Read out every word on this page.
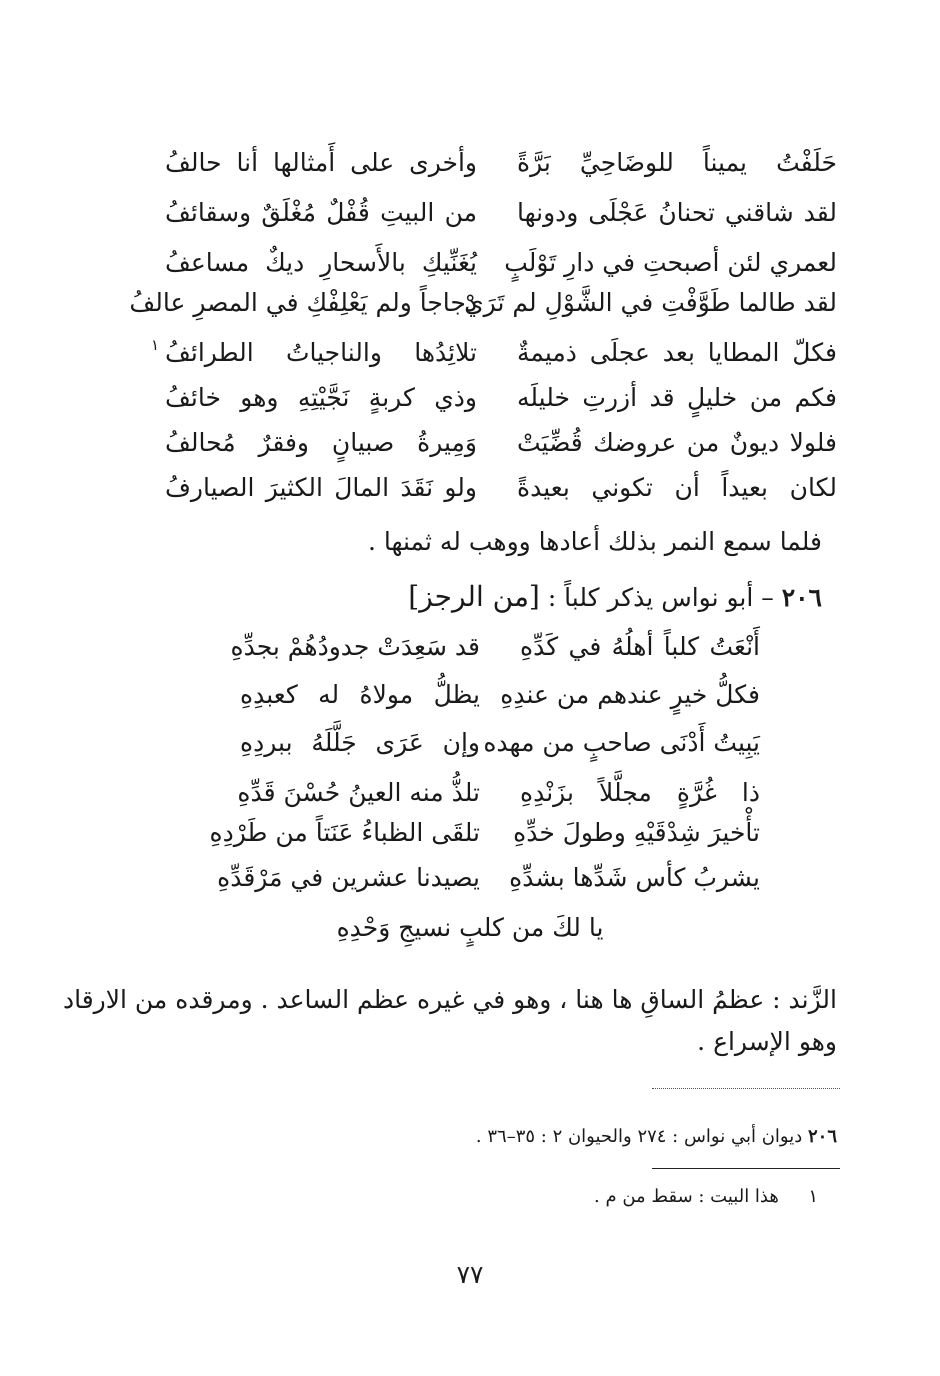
حَلَفْتُ يميناً للوضَاحِيِّ بَرَّةً
وأخرى على أَمثالها أنا حالفُ
لقد شاقني تحنانُ عَجْلَى ودونها
من البيتِ قُفْلٌ مُغْلَقٌ وسقائفُ
لعمري لئن أصبحتِ في دارِ تَوْلَبٍ
يُغَنِّيكِ بالأَسحارِ ديكٌ مساعفُ
لقد طالما طَوَّفْتِ في الشَّوْلِ لم تَرَيْ
دجاجاً ولم يَعْلِفْكِ في المصرِ عالفُ
فكلّ المطايا بعد عجلَى ذميمةٌ
تلائِدُها والناجياتُ الطرائفُ
١
فكم من خليلٍ قد أزرتِ خليلَه
وذي كربةٍ نَجَّيْتِهِ وهو خائفُ
فلولا ديونٌ من عروضك قُضِّيَتْ
وَمِيرةُ صبيانٍ وفقرٌ مُحالفُ
لكان بعيداً أن تكوني بعيدةً
ولو نَقَدَ المالَ الكثيرَ الصيارفُ
فلما سمع النمر بذلك أعادها ووهب له ثمنها .
٢٠٦ – أبو نواس يذكر كلباً : [من الرجز]
أَنْعَتُ كلباً أهلُهُ في كَدِّهِ
قد سَعِدَتْ جدودُهُمْ بجدِّهِ
فكلُّ خيرٍ عندهم من عندِهِ
يظلُّ مولاهُ له كعبدِهِ
يَبِيتُ أَدْنَى صاحبٍ من مهده
وإن عَرَى جَلَّلَهُ ببردِهِ
ذا غُرَّةٍ مجلَّلاً بزَنْدِهِ
تلذُّ منه العينُ حُسْنَ قَدِّهِ
تأْخيرَ شِدْقَيْهِ وطولَ خدِّهِ
تلقَى الظباءُ عَنَتاً من طَرْدِهِ
يشربُ كأس شَدِّها بشدِّهِ
يصيدنا عشرين في مَرْقَدِّهِ
يا لكَ من كلبٍ نسيجِ وَحْدِهِ
الزَّند : عظمُ الساقِ ها هنا ، وهو في غيره عظم الساعد . ومرقده من الارقاد
وهو الإسراع .
٢٠٦ ديوان أبي نواس : ٢٧٤ والحيوان ٢ : ٣٥–٣٦ .
١  هذا البيت : سقط من م .
٧٧
